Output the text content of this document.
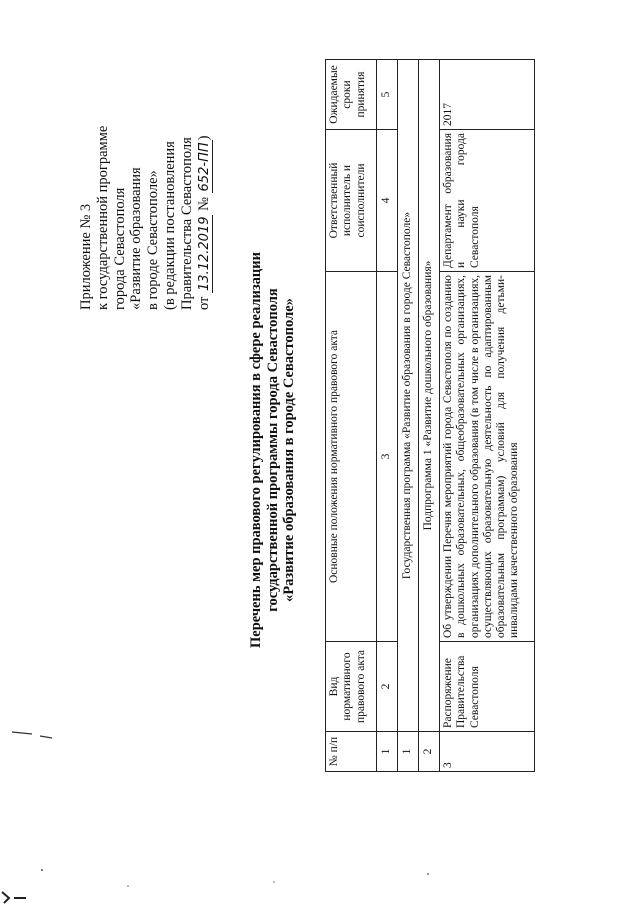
Приложение № 3 к государственной программе города Севастополя «Развитие образования в городе Севастополе» (в редакции постановления Правительства Севастополя от 13.12.2019 № 652-ПП)
Перечень мер правового регулирования в сфере реализации государственной программы города Севастополя «Развитие образования в городе Севастополе»
№ п/п	Вид нормативного правового акта	Основные положения нормативного правового акта	Ответственный исполнитель и соисполнители	Ожидаемые сроки принятия
1	2	3	4	5
1	Государственная программа «Развитие образования в городе Севастополе»			
2	Подпрограмма 1 «Развитие дошкольного образования»			
3	Распоряжение Правительства Севастополя	Об утверждении Перечня мероприятий города Севастополя по созданию в дошкольных образовательных, общеобразовательных организациях, организациях дополнительного образования (в том числе в организациях, осуществляющих образовательную деятельность по адаптированным образовательным программам) условий для получения детьми-инвалидами качественного образования	Департамент образования и науки города Севастополя	2017
